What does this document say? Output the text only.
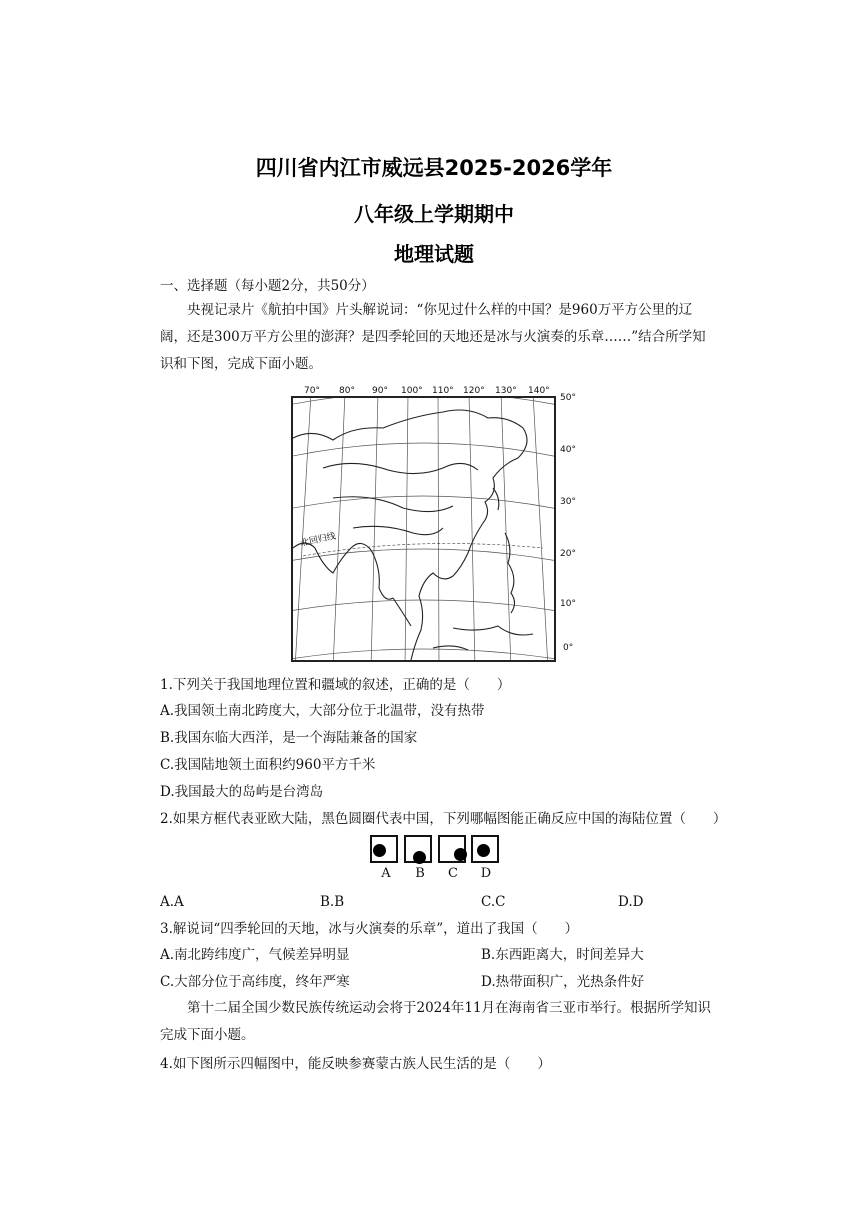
四川省内江市威远县2025-2026学年
八年级上学期期中
地理试题
一、选择题（每小题2分，共50分）
央视记录片《航拍中国》片头解说词：“你见过什么样的中国？是960万平方公里的辽阔，还是300万平方公里的澎湃？是四季轮回的天地还是冰与火演奏的乐章……”结合所学知识和下图，完成下面小题。
70° 80° 90° 100° 110° 120° 130° 140°
50°
40°
30°
20°
10°
0°
北回归线
1.下列关于我国地理位置和疆域的叙述，正确的是（　　）
A.我国领土南北跨度大，大部分位于北温带，没有热带
B.我国东临大西洋，是一个海陆兼备的国家
C.我国陆地领土面积约960平方千米
D.我国最大的岛屿是台湾岛
2.如果方框代表亚欧大陆，黑色圆圈代表中国，下列哪幅图能正确反应中国的海陆位置（　　）
A	B	C	D
A.A	B.B	C.C	D.D
3.解说词“四季轮回的天地，冰与火演奏的乐章”，道出了我国（　　）
A.南北跨纬度广，气候差异明显	B.东西距离大，时间差异大
C.大部分位于高纬度，终年严寒	D.热带面积广，光热条件好
第十二届全国少数民族传统运动会将于2024年11月在海南省三亚市举行。根据所学知识完成下面小题。
4.如下图所示四幅图中，能反映参赛蒙古族人民生活的是（　　）
